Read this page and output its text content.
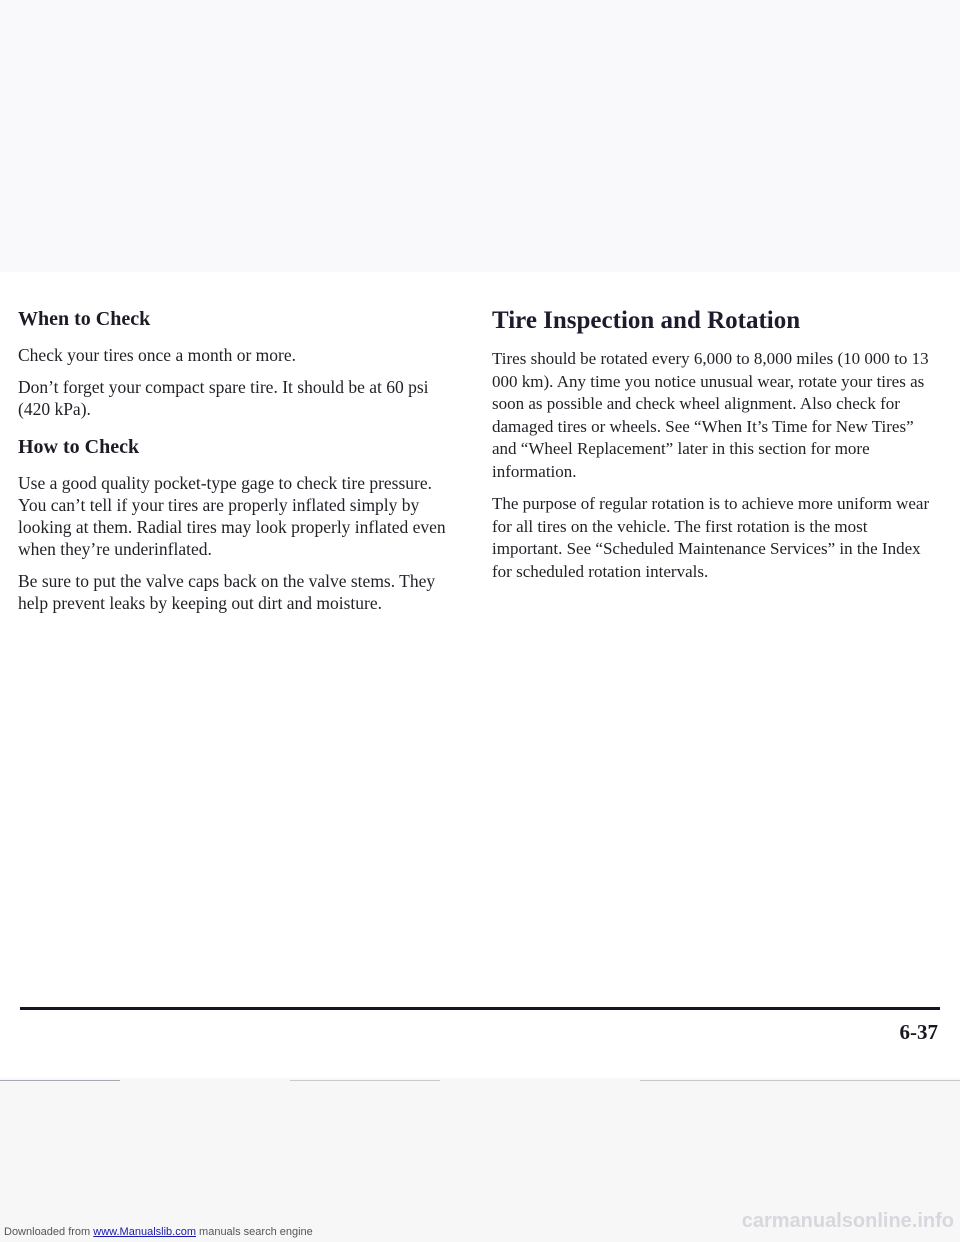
When to Check

Check your tires once a month or more.

Don’t forget your compact spare tire. It should be at 60 psi (420 kPa).

How to Check

Use a good quality pocket-type gage to check tire pressure. You can’t tell if your tires are properly inflated simply by looking at them. Radial tires may look properly inflated even when they’re underinflated.

Be sure to put the valve caps back on the valve stems. They help prevent leaks by keeping out dirt and moisture.

Tire Inspection and Rotation

Tires should be rotated every 6,000 to 8,000 miles (10 000 to 13 000 km). Any time you notice unusual wear, rotate your tires as soon as possible and check wheel alignment. Also check for damaged tires or wheels. See “When It’s Time for New Tires” and “Wheel Replacement” later in this section for more information.

The purpose of regular rotation is to achieve more uniform wear for all tires on the vehicle. The first rotation is the most important. See “Scheduled Maintenance Services” in the Index for scheduled rotation intervals.

6-37
Downloaded from www.Manualslib.com manuals search engine	carmanualsonline.info
